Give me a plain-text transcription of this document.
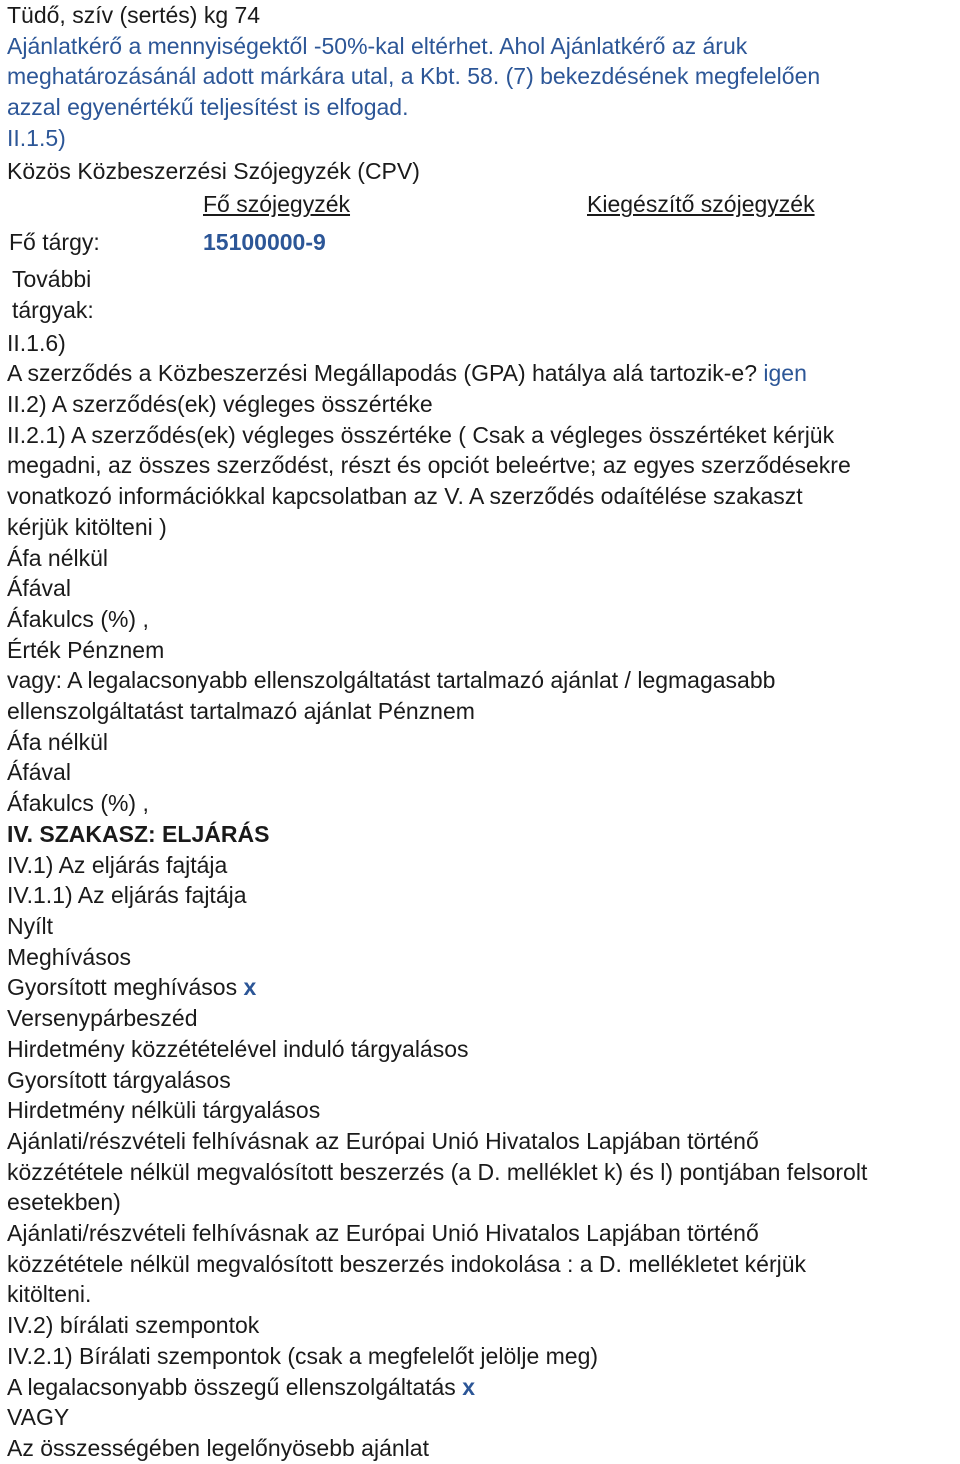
Tüdő, szív (sertés) kg 74
Ajánlatkérő a mennyiségektől -50%-kal eltérhet. Ahol Ajánlatkérő az áruk
meghatározásánál adott márkára utal, a Kbt. 58. (7) bekezdésének megfelelően
azzal egyenértékű teljesítést is elfogad.
II.1.5)
Közös Közbeszerzési Szójegyzék (CPV)
Fő szójegyzék	Kiegészítő szójegyzék
Fő tárgy:	15100000-9
További
tárgyak:
II.1.6)
A szerződés a Közbeszerzési Megállapodás (GPA) hatálya alá tartozik-e? igen
II.2) A szerződés(ek) végleges összértéke
II.2.1) A szerződés(ek) végleges összértéke ( Csak a végleges összértéket kérjük
megadni, az összes szerződést, részt és opciót beleértve; az egyes szerződésekre
vonatkozó információkkal kapcsolatban az V. A szerződés odaítélése szakaszt
kérjük kitölteni )
Áfa nélkül
Áfával
Áfakulcs (%) ,
Érték Pénznem
vagy: A legalacsonyabb ellenszolgáltatást tartalmazó ajánlat / legmagasabb
ellenszolgáltatást tartalmazó ajánlat Pénznem
Áfa nélkül
Áfával
Áfakulcs (%) ,
IV. SZAKASZ: ELJÁRÁS
IV.1) Az eljárás fajtája
IV.1.1) Az eljárás fajtája
Nyílt
Meghívásos
Gyorsított meghívásos x
Versenypárbeszéd
Hirdetmény közzétételével induló tárgyalásos
Gyorsított tárgyalásos
Hirdetmény nélküli tárgyalásos
Ajánlati/részvételi felhívásnak az Európai Unió Hivatalos Lapjában történő
közzététele nélkül megvalósított beszerzés (a D. melléklet k) és l) pontjában felsorolt
esetekben)
Ajánlati/részvételi felhívásnak az Európai Unió Hivatalos Lapjában történő
közzététele nélkül megvalósított beszerzés indokolása : a D. mellékletet kérjük
kitölteni.
IV.2) bírálati szempontok
IV.2.1) Bírálati szempontok (csak a megfelelőt jelölje meg)
A legalacsonyabb összegű ellenszolgáltatás x
VAGY
Az összességében legelőnyösebb ajánlat
